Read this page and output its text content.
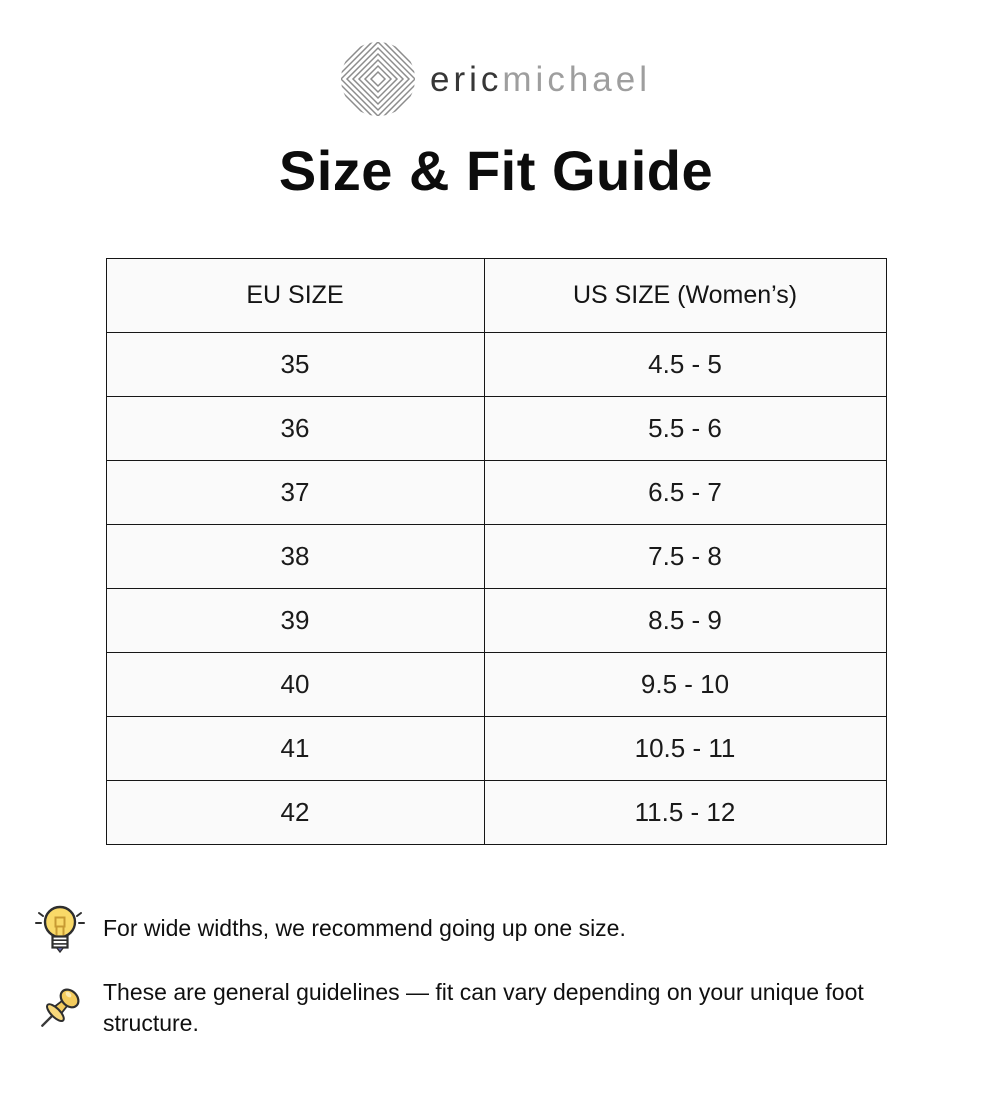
ericmichael
Size & Fit Guide
EU SIZE	US SIZE (Women’s)
35	4.5 - 5
36	5.5 - 6
37	6.5 - 7
38	7.5 - 8
39	8.5 - 9
40	9.5 - 10
41	10.5 - 11
42	11.5 - 12

For wide widths, we recommend going up one size.

These are general guidelines — fit can vary depending on your unique foot structure.
